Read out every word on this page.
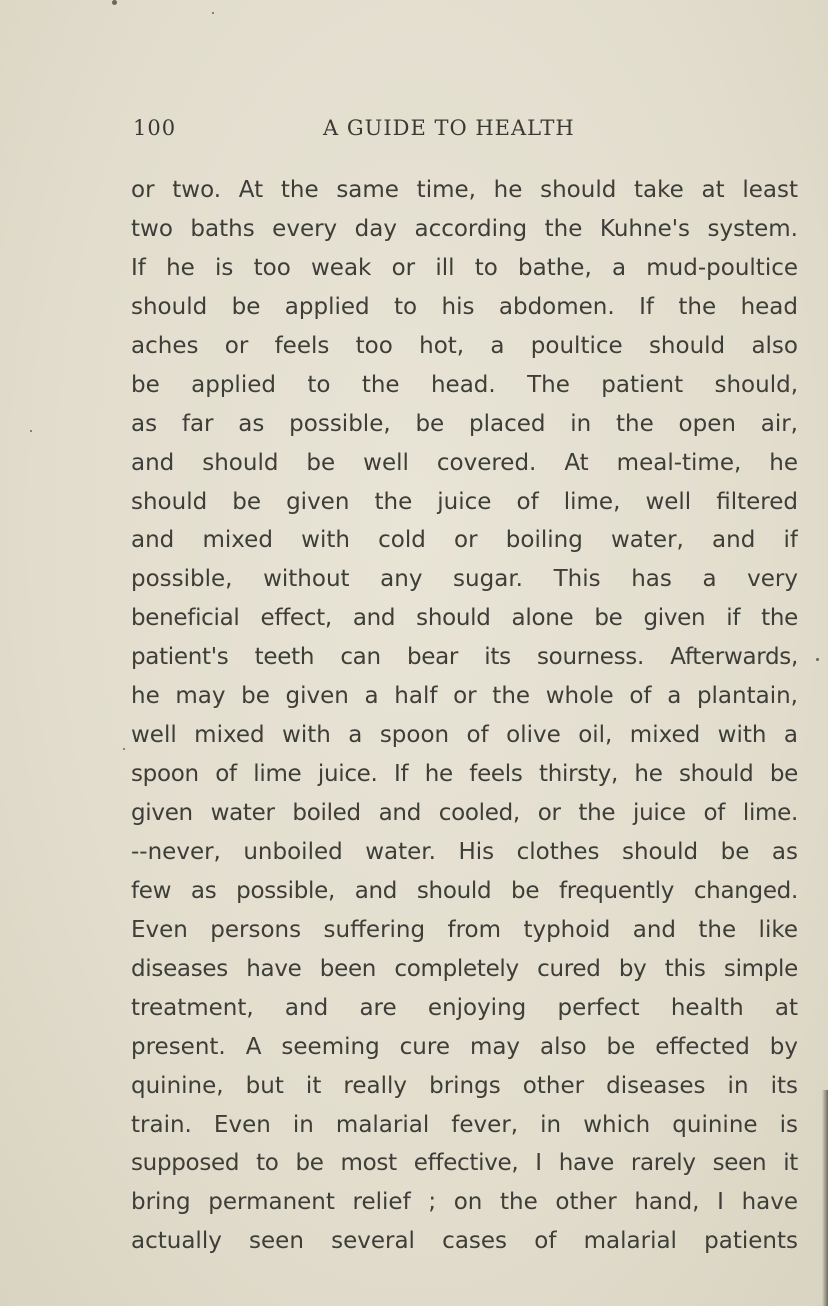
100	A GUIDE TO HEALTH
or two. At the same time, he should take at least
two baths every day according the Kuhne's system.
If he is too weak or ill to bathe, a mud-poultice
should be applied to his abdomen. If the head
aches or feels too hot, a poultice should also
be applied to the head. The patient should,
as far as possible, be placed in the open air,
and should be well covered. At meal-time, he
should be given the juice of lime, well filtered
and mixed with cold or boiling water, and if
possible, without any sugar. This has a very
beneficial effect, and should alone be given if the
patient's teeth can bear its sourness. Afterwards,
he may be given a half or the whole of a plantain,
well mixed with a spoon of olive oil, mixed with a
spoon of lime juice. If he feels thirsty, he should be
given water boiled and cooled, or the juice of lime.
--never, unboiled water. His clothes should be as
few as possible, and should be frequently changed.
Even persons suffering from typhoid and the like
diseases have been completely cured by this simple
treatment, and are enjoying perfect health at
present. A seeming cure may also be effected by
quinine, but it really brings other diseases in its
train. Even in malarial fever, in which quinine is
supposed to be most effective, I have rarely seen it
bring permanent relief ; on the other hand, I have
actually seen several cases of malarial patients
